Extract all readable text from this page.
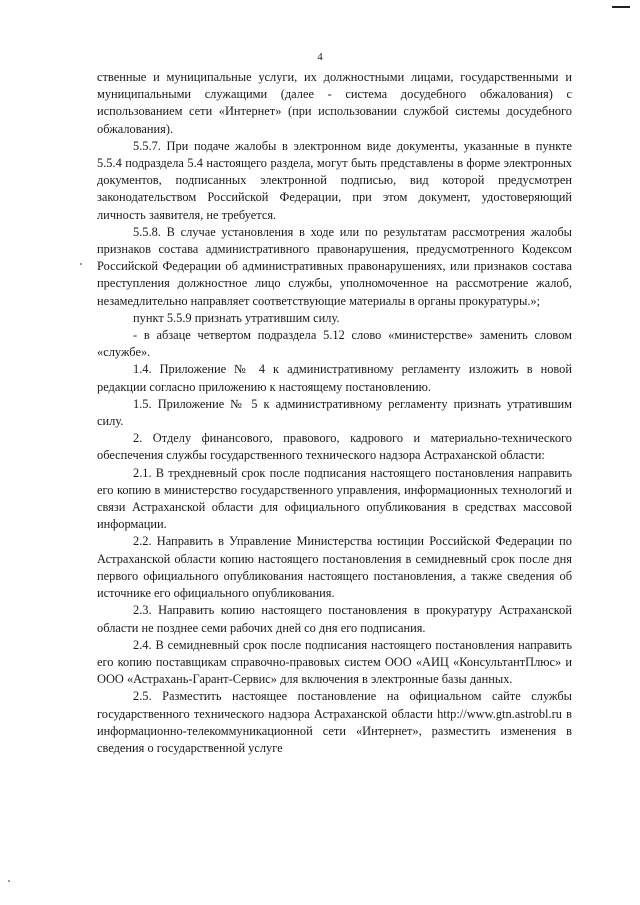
4

ственные и муниципальные услуги, их должностными лицами, государственными и муниципальными служащими (далее - система досудебного обжалования) с использованием сети «Интернет» (при использовании службой системы досудебного обжалования).

5.5.7. При подаче жалобы в электронном виде документы, указанные в пункте 5.5.4 подраздела 5.4 настоящего раздела, могут быть представлены в форме электронных документов, подписанных электронной подписью, вид которой предусмотрен законодательством Российской Федерации, при этом документ, удостоверяющий личность заявителя, не требуется.

5.5.8. В случае установления в ходе или по результатам рассмотрения жалобы признаков состава административного правонарушения, предусмотренного Кодексом Российской Федерации об административных правонарушениях, или признаков состава преступления должностное лицо службы, уполномоченное на рассмотрение жалоб, незамедлительно направляет соответствующие материалы в органы прокуратуры.»;

пункт 5.5.9 признать утратившим силу.

- в абзаце четвертом подраздела 5.12 слово «министерстве» заменить словом «службе».

1.4. Приложение № 4 к административному регламенту изложить в новой редакции согласно приложению к настоящему постановлению.

1.5. Приложение № 5 к административному регламенту признать утратившим силу.

2. Отделу финансового, правового, кадрового и материально-технического обеспечения службы государственного технического надзора Астраханской области:

2.1. В трехдневный срок после подписания настоящего постановления направить его копию в министерство государственного управления, информационных технологий и связи Астраханской области для официального опубликования в средствах массовой информации.

2.2. Направить в Управление Министерства юстиции Российской Федерации по Астраханской области копию настоящего постановления в семидневный срок после дня первого официального опубликования настоящего постановления, а также сведения об источнике его официального опубликования.

2.3. Направить копию настоящего постановления в прокуратуру Астраханской области не позднее семи рабочих дней со дня его подписания.

2.4. В семидневный срок после подписания настоящего постановления направить его копию поставщикам справочно-правовых систем ООО «АИЦ «КонсультантПлюс» и ООО «Астрахань-Гарант-Сервис» для включения в электронные базы данных.

2.5. Разместить настоящее постановление на официальном сайте службы государственного технического надзора Астраханской области http://www.gtn.astrobl.ru в информационно-телекоммуникационной сети «Интернет», разместить изменения в сведения о государственной услуге
